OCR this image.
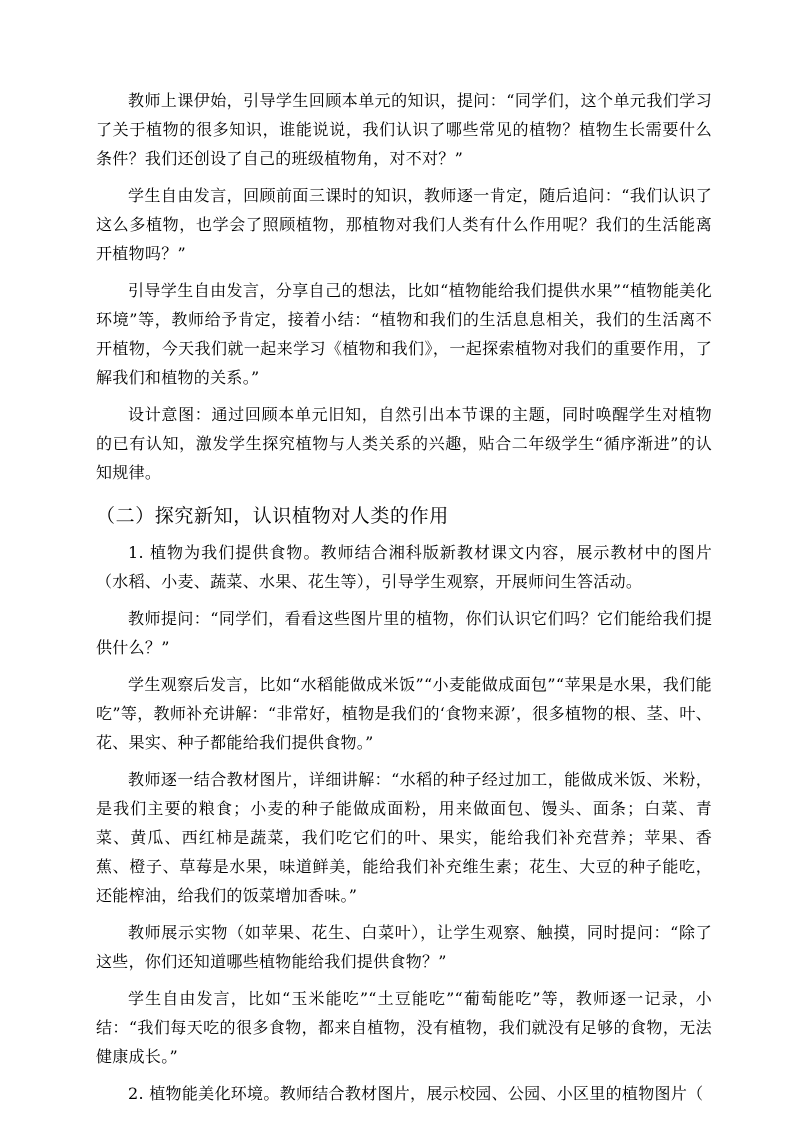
教师上课伊始，引导学生回顾本单元的知识，提问：“同学们，这个单元我们学习了关于植物的很多知识，谁能说说，我们认识了哪些常见的植物？植物生长需要什么条件？我们还创设了自己的班级植物角，对不对？”

学生自由发言，回顾前面三课时的知识，教师逐一肯定，随后追问：“我们认识了这么多植物，也学会了照顾植物，那植物对我们人类有什么作用呢？我们的生活能离开植物吗？”

引导学生自由发言，分享自己的想法，比如“植物能给我们提供水果”“植物能美化环境”等，教师给予肯定，接着小结：“植物和我们的生活息息相关，我们的生活离不开植物，今天我们就一起来学习《植物和我们》，一起探索植物对我们的重要作用，了解我们和植物的关系。”

设计意图：通过回顾本单元旧知，自然引出本节课的主题，同时唤醒学生对植物的已有认知，激发学生探究植物与人类关系的兴趣，贴合二年级学生“循序渐进”的认知规律。

（二）探究新知，认识植物对人类的作用

1. 植物为我们提供食物。教师结合湘科版新教材课文内容，展示教材中的图片（水稻、小麦、蔬菜、水果、花生等），引导学生观察，开展师问生答活动。

教师提问：“同学们，看看这些图片里的植物，你们认识它们吗？它们能给我们提供什么？”

学生观察后发言，比如“水稻能做成米饭”“小麦能做成面包”“苹果是水果，我们能吃”等，教师补充讲解：“非常好，植物是我们的‘食物来源’，很多植物的根、茎、叶、花、果实、种子都能给我们提供食物。”

教师逐一结合教材图片，详细讲解：“水稻的种子经过加工，能做成米饭、米粉，是我们主要的粮食；小麦的种子能做成面粉，用来做面包、馒头、面条；白菜、青菜、黄瓜、西红柿是蔬菜，我们吃它们的叶、果实，能给我们补充营养；苹果、香蕉、橙子、草莓是水果，味道鲜美，能给我们补充维生素；花生、大豆的种子能吃，还能榨油，给我们的饭菜增加香味。”

教师展示实物（如苹果、花生、白菜叶），让学生观察、触摸，同时提问：“除了这些，你们还知道哪些植物能给我们提供食物？”

学生自由发言，比如“玉米能吃”“土豆能吃”“葡萄能吃”等，教师逐一记录，小结：“我们每天吃的很多食物，都来自植物，没有植物，我们就没有足够的食物，无法健康成长。”

2. 植物能美化环境。教师结合教材图片，展示校园、公园、小区里的植物图片（
